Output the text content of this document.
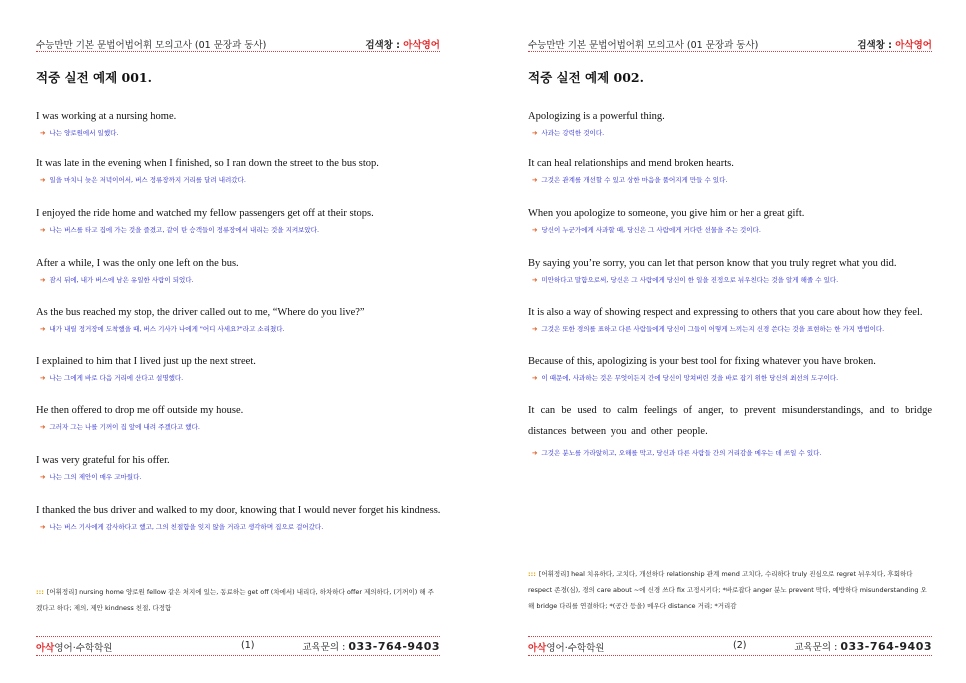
수능만만 기본 문법어법어휘 모의고사 (01 문장과 동사)	검색창 : 아삭영어
적중 실전 예제 001.
I was working at a nursing home.
➔ 나는 양로원에서 일했다.
It was late in the evening when I finished, so I ran down the street to the bus stop.
➔ 일을 마치니 늦은 저녁이어서, 버스 정류장까지 거리를 달려 내려갔다.
I enjoyed the ride home and watched my fellow passengers get off at their stops.
➔ 나는 버스를 타고 집에 가는 것을 즐겼고, 같이 탄 승객들이 정류장에서 내리는 것을 지켜보았다.
After a while, I was the only one left on the bus.
➔ 잠시 뒤에, 내가 버스에 남은 유일한 사람이 되었다.
As the bus reached my stop, the driver called out to me, “Where do you live?”
➔ 내가 내릴 정거장에 도착했을 때, 버스 기사가 나에게 "어디 사세요?"라고 소리쳤다.
I explained to him that I lived just up the next street.
➔ 나는 그에게 바로 다음 거리에 산다고 설명했다.
He then offered to drop me off outside my house.
➔ 그러자 그는 나를 기꺼이 집 앞에 내려 주겠다고 했다.
I was very grateful for his offer.
➔ 나는 그의 제안이 매우 고마웠다.
I thanked the bus driver and walked to my door, knowing that I would never forget his kindness.
➔ 나는 버스 기사에게 감사하다고 했고, 그의 친절함을 잊지 않을 거라고 생각하며 집으로 걸어갔다.
::: [어휘정리] nursing home 양로원 fellow 같은 처지에 있는, 동료하는 get off (차에서) 내리다, 하차하다 offer 제의하다, (기꺼이) 해 주겠다고 하다; 제의, 제안 kindness 친절, 다정함
아삭영어·수학학원	(1)	교육문의 : 033-764-9403
수능만만 기본 문법어법어휘 모의고사 (01 문장과 동사)	검색창 : 아삭영어
적중 실전 예제 002.
Apologizing is a powerful thing.
➔ 사과는 강력한 것이다.
It can heal relationships and mend broken hearts.
➔ 그것은 관계를 개선할 수 있고 상한 마음을 풀어지게 만들 수 있다.
When you apologize to someone, you give him or her a great gift.
➔ 당신이 누군가에게 사과할 때, 당신은 그 사람에게 커다란 선물을 주는 것이다.
By saying you’re sorry, you can let that person know that you truly regret what you did.
➔ 미안하다고 말함으로써, 당신은 그 사람에게 당신이 한 일을 진정으로 뉘우친다는 것을 알게 해줄 수 있다.
It is also a way of showing respect and expressing to others that you care about how they feel.
➔ 그것은 또한 경의를 표하고 다른 사람들에게 당신이 그들이 어떻게 느끼는지 신경 쓴다는 것을 표현하는 한 가지 방법이다.
Because of this, apologizing is your best tool for fixing whatever you have broken.
➔ 이 때문에, 사과하는 것은 무엇이든지 간에 당신이 망쳐버린 것을 바로 잡기 위한 당신의 최선의 도구이다.
It can be used to calm feelings of anger, to prevent misunderstandings, and to bridge distances between you and other people.
➔ 그것은 분노를 가라앉히고, 오해를 막고, 당신과 다른 사람들 간의 거리감을 메우는 데 쓰일 수 있다.
::: [어휘정리] heal 치유하다, 고치다, 개선하다 relationship 관계 mend 고치다, 수리하다 truly 진심으로 regret 뉘우치다, 후회하다 respect 존경(심), 경의 care about ~에 신경 쓰다 fix 고정시키다; *바로잡다 anger 분노 prevent 막다, 예방하다 misunderstanding 오해 bridge 다리를 연결하다; *(공간 등을) 메우다 distance 거리; *거리감
아삭영어·수학학원	(2)	교육문의 : 033-764-9403
